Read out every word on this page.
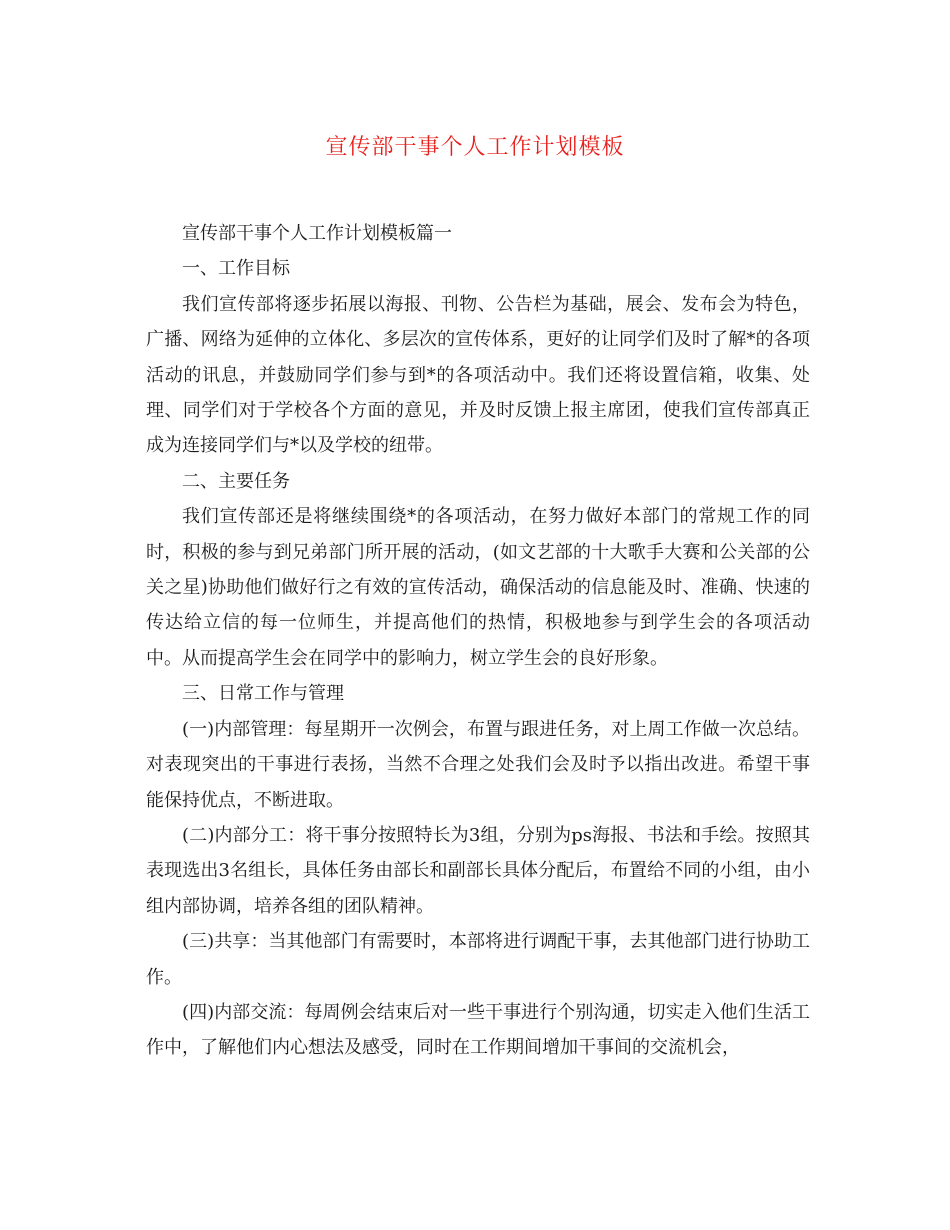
宣传部干事个人工作计划模板

宣传部干事个人工作计划模板篇一

一、工作目标

我们宣传部将逐步拓展以海报、刊物、公告栏为基础，展会、发布会为特色，广播、网络为延伸的立体化、多层次的宣传体系，更好的让同学们及时了解*的各项活动的讯息，并鼓励同学们参与到*的各项活动中。我们还将设置信箱，收集、处理、同学们对于学校各个方面的意见，并及时反馈上报主席团，使我们宣传部真正成为连接同学们与*以及学校的纽带。

二、主要任务

我们宣传部还是将继续围绕*的各项活动，在努力做好本部门的常规工作的同时，积极的参与到兄弟部门所开展的活动，(如文艺部的十大歌手大赛和公关部的公关之星)协助他们做好行之有效的宣传活动，确保活动的信息能及时、准确、快速的传达给立信的每一位师生，并提高他们的热情，积极地参与到学生会的各项活动中。从而提高学生会在同学中的影响力，树立学生会的良好形象。

三、日常工作与管理

(一)内部管理：每星期开一次例会，布置与跟进任务，对上周工作做一次总结。对表现突出的干事进行表扬，当然不合理之处我们会及时予以指出改进。希望干事能保持优点，不断进取。

(二)内部分工：将干事分按照特长为3组，分别为ps海报、书法和手绘。按照其表现选出3名组长，具体任务由部长和副部长具体分配后，布置给不同的小组，由小组内部协调，培养各组的团队精神。

(三)共享：当其他部门有需要时，本部将进行调配干事，去其他部门进行协助工作。

(四)内部交流：每周例会结束后对一些干事进行个别沟通，切实走入他们生活工作中，了解他们内心想法及感受，同时在工作期间增加干事间的交流机会，
